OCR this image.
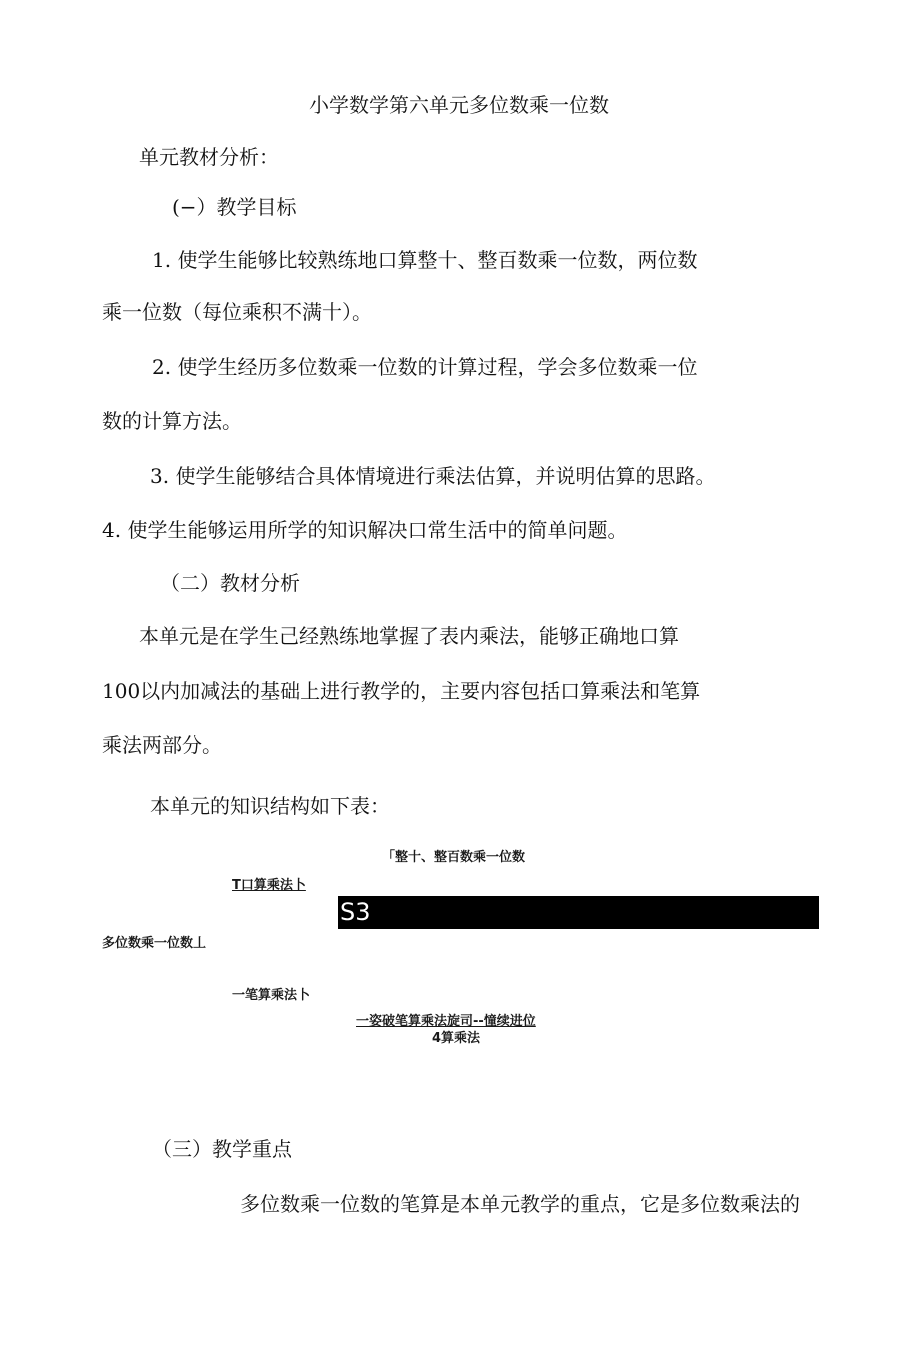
小学数学第六单元多位数乘一位数
单元教材分析：
(−）教学目标
1. 使学生能够比较熟练地口算整十、整百数乘一位数，两位数
乘一位数（每位乘积不满十）。
2. 使学生经历多位数乘一位数的计算过程，学会多位数乘一位
数的计算方法。
3. 使学生能够结合具体情境进行乘法估算，并说明估算的思路。
4. 使学生能够运用所学的知识解决口常生活中的简单问题。
（二）教材分析
本单元是在学生己经熟练地掌握了表内乘法，能够正确地口算
100以内加减法的基础上进行教学的，主要内容包括口算乘法和笔算
乘法两部分。
本单元的知识结构如下表：
「整十、整百数乘一位数
T口算乘法卜
S3
多位数乘一位数丄
一笔算乘法卜
一姿破笔算乘法旋司--憧续进位
4算乘法
（三）教学重点
多位数乘一位数的笔算是本单元教学的重点，它是多位数乘法的
